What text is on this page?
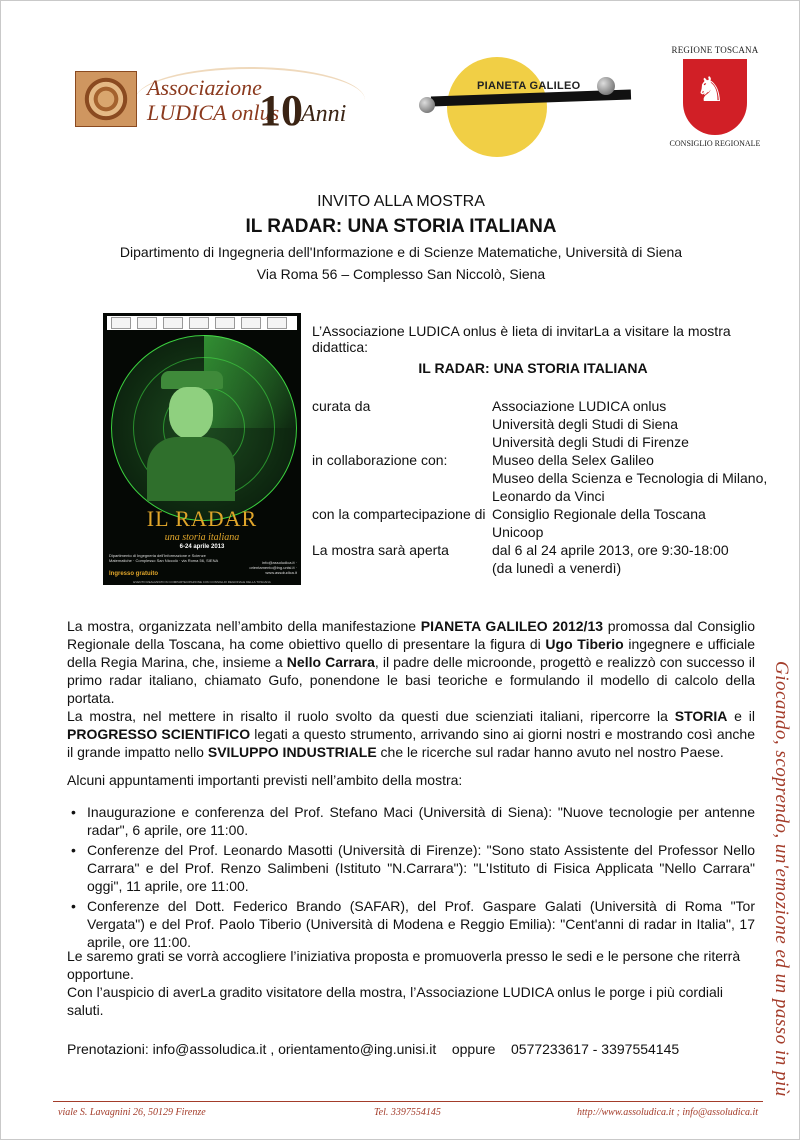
Associazione
LUDICA onlus
10
Anni
PIANETA GALILEO
REGIONE TOSCANA
♞
CONSIGLIO REGIONALE
INVITO ALLA MOSTRA
IL RADAR: UNA STORIA ITALIANA
Dipartimento di Ingegneria dell'Informazione e di Scienze Matematiche, Università di Siena
Via Roma 56 – Complesso San Niccolò, Siena
IL RADAR
una storia italiana
6-24 aprile 2013
Dipartimento di Ingegneria dell'Informazione e Scienze Matematiche · Complesso San Niccolò · via Roma 56, SIENA
Ingresso gratuito
info@assoludica.it · orientamento@ing.unisi.it · www.assoludica.it
EVENTO REALIZZATO IN COMPARTECIPAZIONE CON CONSIGLIO REGIONALE DELLA TOSCANA
L’Associazione LUDICA onlus è lieta di invitarLa a visitare la mostra didattica:
IL RADAR: UNA STORIA ITALIANA
curata da	Associazione LUDICA onlus
Università degli Studi di Siena
Università degli Studi di Firenze
in collaborazione con:	Museo della Selex Galileo
Museo della Scienza e Tecnologia di Milano,
Leonardo da Vinci
con la compartecipazione di Consiglio Regionale della Toscana
Unicoop
La mostra sarà aperta	dal 6 al 24 aprile 2013, ore 9:30-18:00
(da lunedì a venerdì)

La mostra, organizzata nell’ambito della manifestazione PIANETA GALILEO 2012/13 promossa dal Consiglio Regionale della Toscana, ha come obiettivo quello di presentare la figura di Ugo Tiberio ingegnere e ufficiale della Regia Marina, che, insieme a Nello Carrara, il padre delle microonde, progettò e realizzò con successo il primo radar italiano, chiamato Gufo, ponendone le basi teoriche e formulando il modello di calcolo della portata.

La mostra, nel mettere in risalto il ruolo svolto da questi due scienziati italiani, ripercorre la STORIA e il PROGRESSO SCIENTIFICO legati a questo strumento, arrivando sino ai giorni nostri e mostrando così anche il grande impatto nello SVILUPPO INDUSTRIALE che le ricerche sul radar hanno avuto nel nostro Paese.

Alcuni appuntamenti importanti previsti nell’ambito della mostra:
• Inaugurazione e conferenza del Prof. Stefano Maci (Università di Siena): "Nuove tecnologie per antenne radar", 6 aprile, ore 11:00.
• Conferenze del Prof. Leonardo Masotti (Università di Firenze): "Sono stato Assistente del Professor Nello Carrara" e del Prof. Renzo Salimbeni (Istituto "N.Carrara"): "L'Istituto di Fisica Applicata "Nello Carrara" oggi", 11 aprile, ore 11:00.
• Conferenze del Dott. Federico Brando (SAFAR), del Prof. Gaspare Galati (Università di Roma "Tor Vergata") e del Prof. Paolo Tiberio (Università di Modena e Reggio Emilia): "Cent'anni di radar in Italia", 17 aprile, ore 11:00.
Le saremo grati se vorrà accogliere l’iniziativa proposta e promuoverla presso le sedi e le persone che riterrà opportune.
Con l’auspicio di averLa gradito visitatore della mostra, l’Associazione LUDICA onlus le porge i più cordiali saluti.
Prenotazioni: info@assoludica.it , orientamento@ing.unisi.it    oppure    0577233617 - 3397554145	Giocando, scoprendo, un'emozione ed un passo in più
viale S. Lavagnini 26, 50129 Firenze	Tel. 3397554145	http://www.assoludica.it ; info@assoludica.it
